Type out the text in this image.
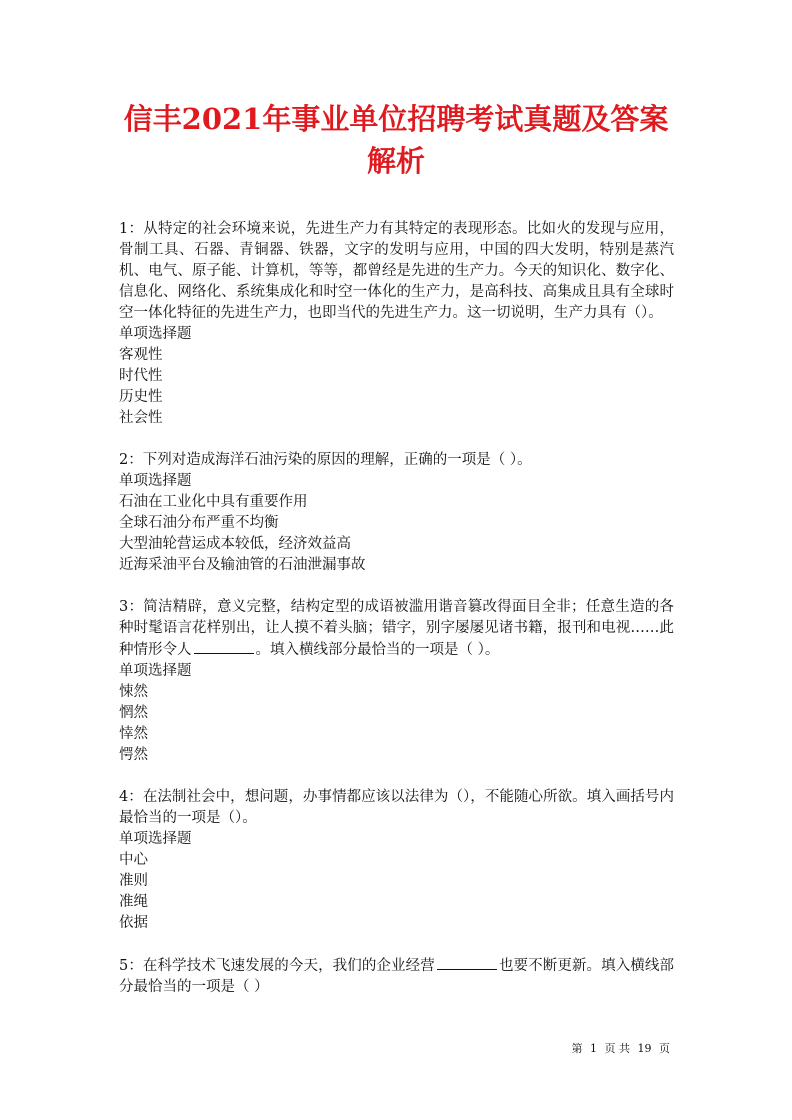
信丰2021年事业单位招聘考试真题及答案
解析

1：从特定的社会环境来说，先进生产力有其特定的表现形态。比如火的发现与应用，骨制工具、石器、青铜器、铁器，文字的发明与应用，中国的四大发明，特别是蒸汽机、电气、原子能、计算机，等等，都曾经是先进的生产力。今天的知识化、数字化、信息化、网络化、系统集成化和时空一体化的生产力，是高科技、高集成且具有全球时空一体化特征的先进生产力，也即当代的先进生产力。这一切说明，生产力具有（）。

单项选择题

客观性

时代性

历史性

社会性

2：下列对造成海洋石油污染的原因的理解，正确的一项是（ ）。

单项选择题

石油在工业化中具有重要作用

全球石油分布严重不均衡

大型油轮营运成本较低，经济效益高

近海采油平台及输油管的石油泄漏事故

3：简洁精辟，意义完整，结构定型的成语被滥用谐音篡改得面目全非；任意生造的各种时髦语言花样别出，让人摸不着头脑；错字，别字屡屡见诸书籍，报刊和电视……此种情形令人	。填入横线部分最恰当的一项是（ ）。

单项选择题

悚然

惘然

悻然

愕然

4：在法制社会中，想问题，办事情都应该以法律为（），不能随心所欲。填入画括号内最恰当的一项是（）。

单项选择题

中心

准则

准绳

依据

5：在科学技术飞速发展的今天，我们的企业经营	也要不断更新。填入横线部分最恰当的一项是（ ）

第 1 页 共 19 页
